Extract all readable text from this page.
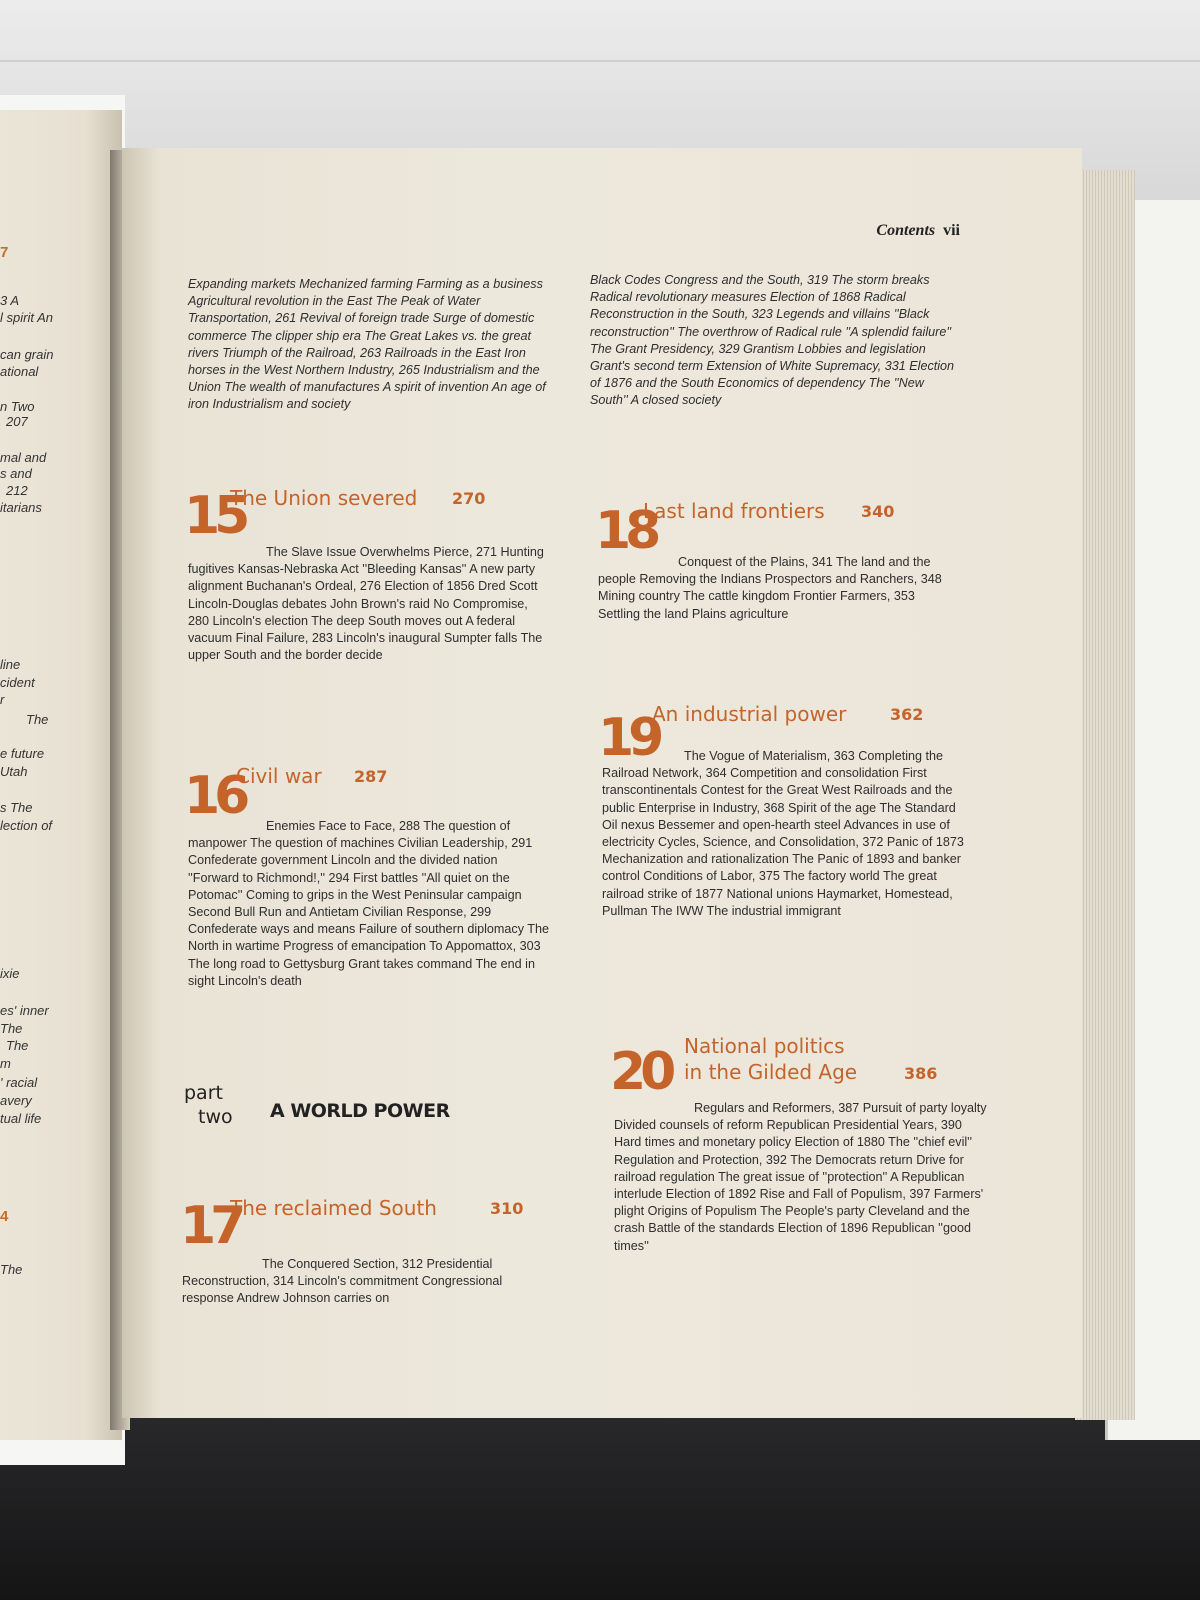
7
3 A
l spirit An
can grain
ational
n Two
207
mal and
s and
212
itarians
line
cident
r
The
e future
Utah
s The
lection of
ixie
es' inner
The
The
m
' racial
avery
tual life
4
The
Contents vii
Expanding markets Mechanized farming Farming as a business Agricultural revolution in the East The Peak of Water Transportation, 261 Revival of foreign trade Surge of domestic commerce The clipper ship era The Great Lakes vs. the great rivers Triumph of the Railroad, 263 Railroads in the East Iron horses in the West Northern Industry, 265 Industrialism and the Union The wealth of manufactures A spirit of invention An age of iron Industrialism and society
Black Codes Congress and the South, 319 The storm breaks Radical revolutionary measures Election of 1868 Radical Reconstruction in the South, 323 Legends and villains ''Black reconstruction'' The overthrow of Radical rule ''A splendid failure'' The Grant Presidency, 329 Grantism Lobbies and legislation Grant's second term Extension of White Supremacy, 331 Election of 1876 and the South Economics of dependency The ''New South'' A closed society
15
The Union severed 270
The Slave Issue Overwhelms Pierce, 271 Hunting fugitives Kansas-Nebraska Act ''Bleeding Kansas'' A new party alignment Buchanan's Ordeal, 276 Election of 1856 Dred Scott Lincoln-Douglas debates John Brown's raid No Compromise, 280 Lincoln's election The deep South moves out A federal vacuum Final Failure, 283 Lincoln's inaugural Sumpter falls The upper South and the border decide
16
Civil war 287
Enemies Face to Face, 288 The question of manpower The question of machines Civilian Leadership, 291 Confederate government Lincoln and the divided nation ''Forward to Richmond!,'' 294 First battles ''All quiet on the Potomac'' Coming to grips in the West Peninsular campaign Second Bull Run and Antietam Civilian Response, 299 Confederate ways and means Failure of southern diplomacy The North in wartime Progress of emancipation To Appomattox, 303 The long road to Gettysburg Grant takes command The end in sight Lincoln's death
part
two A WORLD POWER
17
The reclaimed South	310
The Conquered Section, 312 Presidential Reconstruction, 314 Lincoln's commitment Congressional response Andrew Johnson carries on
18
Last land frontiers 340
Conquest of the Plains, 341 The land and the people Removing the Indians Prospectors and Ranchers, 348 Mining country The cattle kingdom Frontier Farmers, 353 Settling the land Plains agriculture
19
An industrial power	362
The Vogue of Materialism, 363 Completing the Railroad Network, 364 Competition and consolidation First transcontinentals Contest for the Great West Railroads and the public Enterprise in Industry, 368 Spirit of the age The Standard Oil nexus Bessemer and open-hearth steel Advances in use of electricity Cycles, Science, and Consolidation, 372 Panic of 1873 Mechanization and rationalization The Panic of 1893 and banker control Conditions of Labor, 375 The factory world The great railroad strike of 1877 National unions Haymarket, Homestead, Pullman The IWW The industrial immigrant
20 National politics
in the Gilded Age	386
Regulars and Reformers, 387 Pursuit of party loyalty Divided counsels of reform Republican Presidential Years, 390 Hard times and monetary policy Election of 1880 The ''chief evil'' Regulation and Protection, 392 The Democrats return Drive for railroad regulation The great issue of ''protection'' A Republican interlude Election of 1892 Rise and Fall of Populism, 397 Farmers' plight Origins of Populism The People's party Cleveland and the crash Battle of the standards Election of 1896 Republican ''good times''
